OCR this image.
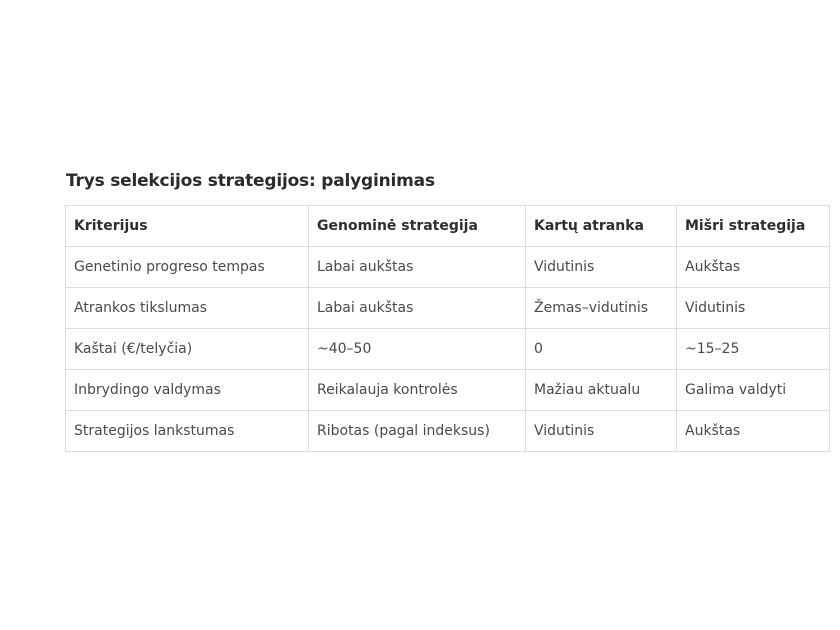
Trys selekcijos strategijos: palyginimas
Kriterijus	Genominė strategija	Kartų atranka	Mišri strategija
Genetinio progreso tempas	Labai aukštas	Vidutinis	Aukštas
Atrankos tikslumas	Labai aukštas	Žemas–vidutinis	Vidutinis
Kaštai (€/telyčia)	~40–50	0	~15–25
Inbrydingo valdymas	Reikalauja kontrolės	Mažiau aktualu	Galima valdyti
Strategijos lankstumas	Ribotas (pagal indeksus)	Vidutinis	Aukštas
